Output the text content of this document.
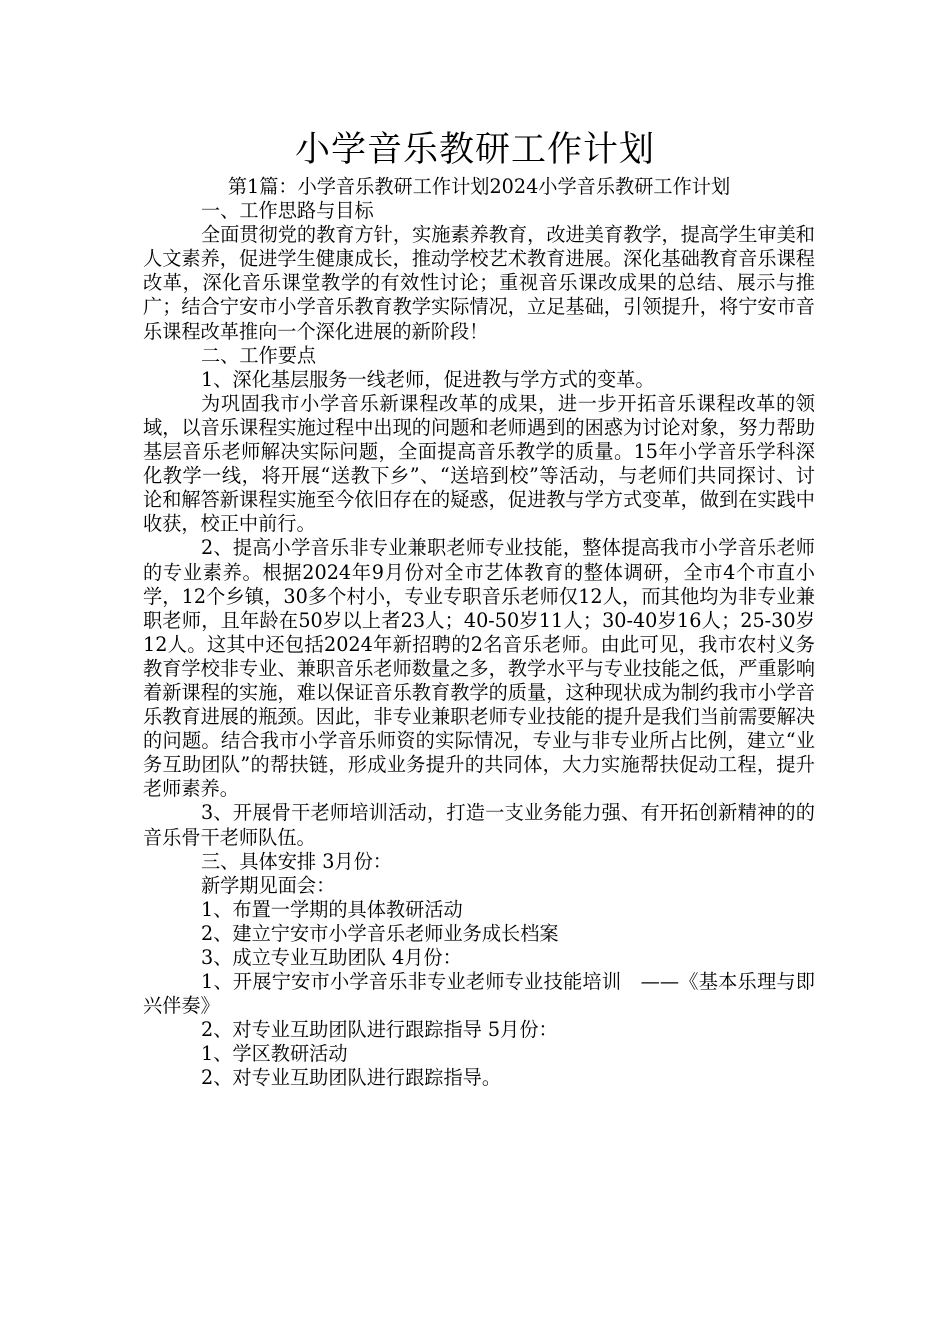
小学音乐教研工作计划

第1篇：小学音乐教研工作计划2024小学音乐教研工作计划

一、工作思路与目标

全面贯彻党的教育方针，实施素养教育，改进美育教学，提高学生审美和人文素养，促进学生健康成长，推动学校艺术教育进展。深化基础教育音乐课程改革，深化音乐课堂教学的有效性讨论；重视音乐课改成果的总结、展示与推广；结合宁安市小学音乐教育教学实际情况，立足基础，引领提升，将宁安市音乐课程改革推向一个深化进展的新阶段！

二、工作要点

1、深化基层服务一线老师，促进教与学方式的变革。

为巩固我市小学音乐新课程改革的成果，进一步开拓音乐课程改革的领域，以音乐课程实施过程中出现的问题和老师遇到的困惑为讨论对象，努力帮助基层音乐老师解决实际问题，全面提高音乐教学的质量。15年小学音乐学科深化教学一线，将开展“送教下乡”、“送培到校”等活动，与老师们共同探讨、讨论和解答新课程实施至今依旧存在的疑惑，促进教与学方式变革，做到在实践中收获，校正中前行。

2、提高小学音乐非专业兼职老师专业技能，整体提高我市小学音乐老师的专业素养。根据2024年9月份对全市艺体教育的整体调研，全市4个市直小学，12个乡镇，30多个村小，专业专职音乐老师仅12人，而其他均为非专业兼职老师，且年龄在50岁以上者23人；40-50岁11人；30-40岁16人；25-30岁12人。这其中还包括2024年新招聘的2名音乐老师。由此可见，我市农村义务教育学校非专业、兼职音乐老师数量之多，教学水平与专业技能之低，严重影响着新课程的实施，难以保证音乐教育教学的质量，这种现状成为制约我市小学音乐教育进展的瓶颈。因此，非专业兼职老师专业技能的提升是我们当前需要解决的问题。结合我市小学音乐师资的实际情况，专业与非专业所占比例，建立“业务互助团队”的帮扶链，形成业务提升的共同体，大力实施帮扶促动工程，提升老师素养。

3、开展骨干老师培训活动，打造一支业务能力强、有开拓创新精神的的音乐骨干老师队伍。

三、具体安排 3月份：

新学期见面会：

1、布置一学期的具体教研活动

2、建立宁安市小学音乐老师业务成长档案

3、成立专业互助团队 4月份：

1、开展宁安市小学音乐非专业老师专业技能培训　——《基本乐理与即兴伴奏》

2、对专业互助团队进行跟踪指导 5月份：

1、学区教研活动

2、对专业互助团队进行跟踪指导。
